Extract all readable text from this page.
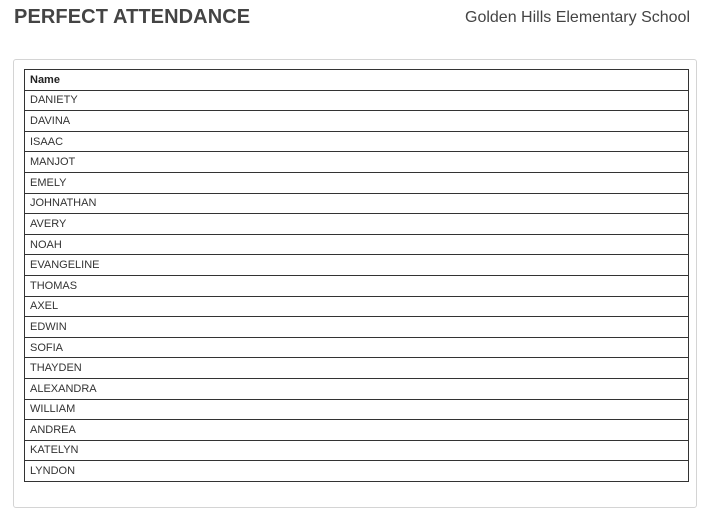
PERFECT ATTENDANCE	Golden Hills Elementary School
Name
DANIETY
DAVINA
ISAAC
MANJOT
EMELY
JOHNATHAN
AVERY
NOAH
EVANGELINE
THOMAS
AXEL
EDWIN
SOFIA
THAYDEN
ALEXANDRA
WILLIAM
ANDREA
KATELYN
LYNDON
